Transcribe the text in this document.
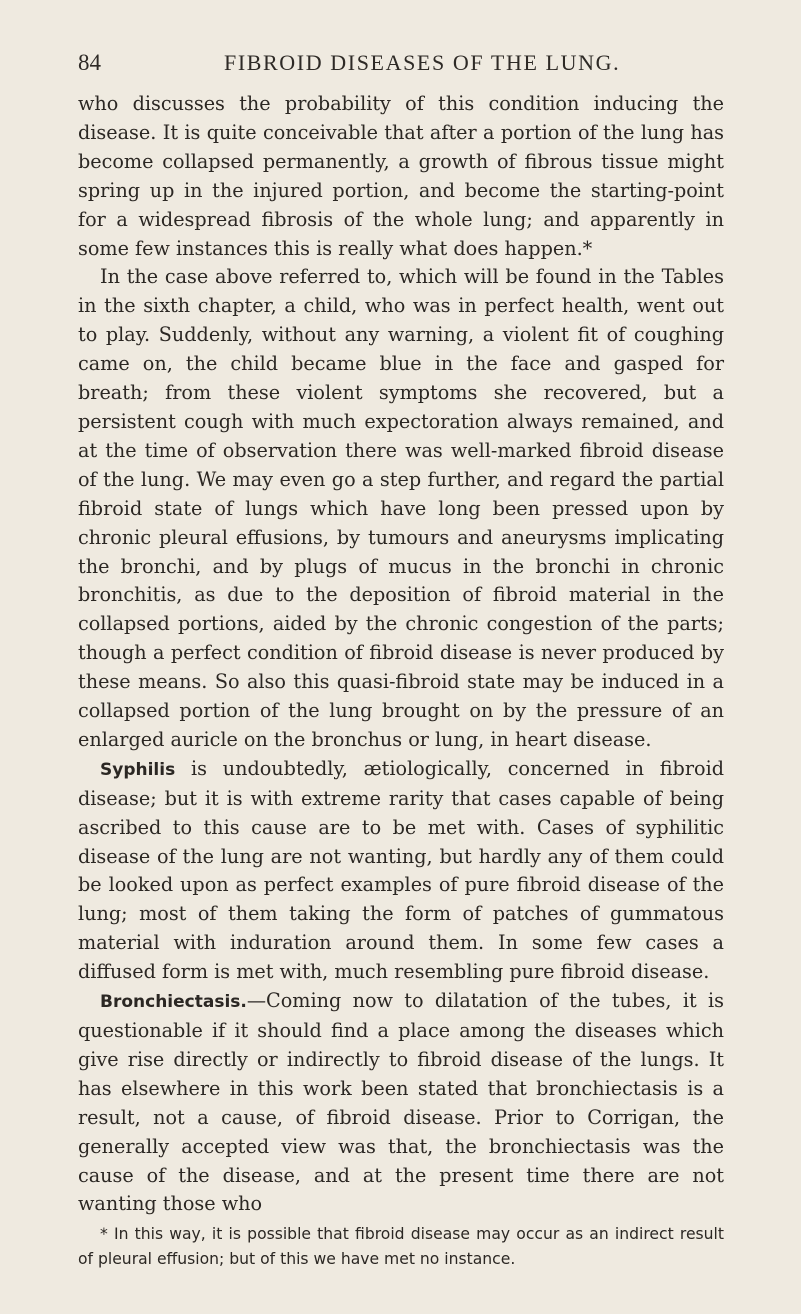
84	FIBROID DISEASES OF THE LUNG.

who discusses the probability of this condition inducing the disease. It is quite conceivable that after a portion of the lung has become collapsed permanently, a growth of fibrous tissue might spring up in the injured portion, and become the starting-point for a widespread fibrosis of the whole lung; and apparently in some few instances this is really what does happen.*

In the case above referred to, which will be found in the Tables in the sixth chapter, a child, who was in perfect health, went out to play. Suddenly, without any warning, a violent fit of coughing came on, the child became blue in the face and gasped for breath; from these violent symptoms she recovered, but a persistent cough with much expectoration always remained, and at the time of observation there was well-marked fibroid disease of the lung. We may even go a step further, and regard the partial fibroid state of lungs which have long been pressed upon by chronic pleural effusions, by tumours and aneurysms implicating the bronchi, and by plugs of mucus in the bronchi in chronic bronchitis, as due to the deposition of fibroid material in the collapsed portions, aided by the chronic congestion of the parts; though a perfect condition of fibroid disease is never produced by these means. So also this quasi-fibroid state may be induced in a collapsed portion of the lung brought on by the pressure of an enlarged auricle on the bronchus or lung, in heart disease.

Syphilis is undoubtedly, ætiologically, concerned in fibroid disease; but it is with extreme rarity that cases capable of being ascribed to this cause are to be met with. Cases of syphilitic disease of the lung are not wanting, but hardly any of them could be looked upon as perfect examples of pure fibroid disease of the lung; most of them taking the form of patches of gummatous material with induration around them. In some few cases a diffused form is met with, much resembling pure fibroid disease.

Bronchiectasis.—Coming now to dilatation of the tubes, it is questionable if it should find a place among the diseases which give rise directly or indirectly to fibroid disease of the lungs. It has elsewhere in this work been stated that bronchiectasis is a result, not a cause, of fibroid disease. Prior to Corrigan, the generally accepted view was that, the bronchiectasis was the cause of the disease, and at the present time there are not wanting those who

* In this way, it is possible that fibroid disease may occur as an indirect result of pleural effusion; but of this we have met no instance.
